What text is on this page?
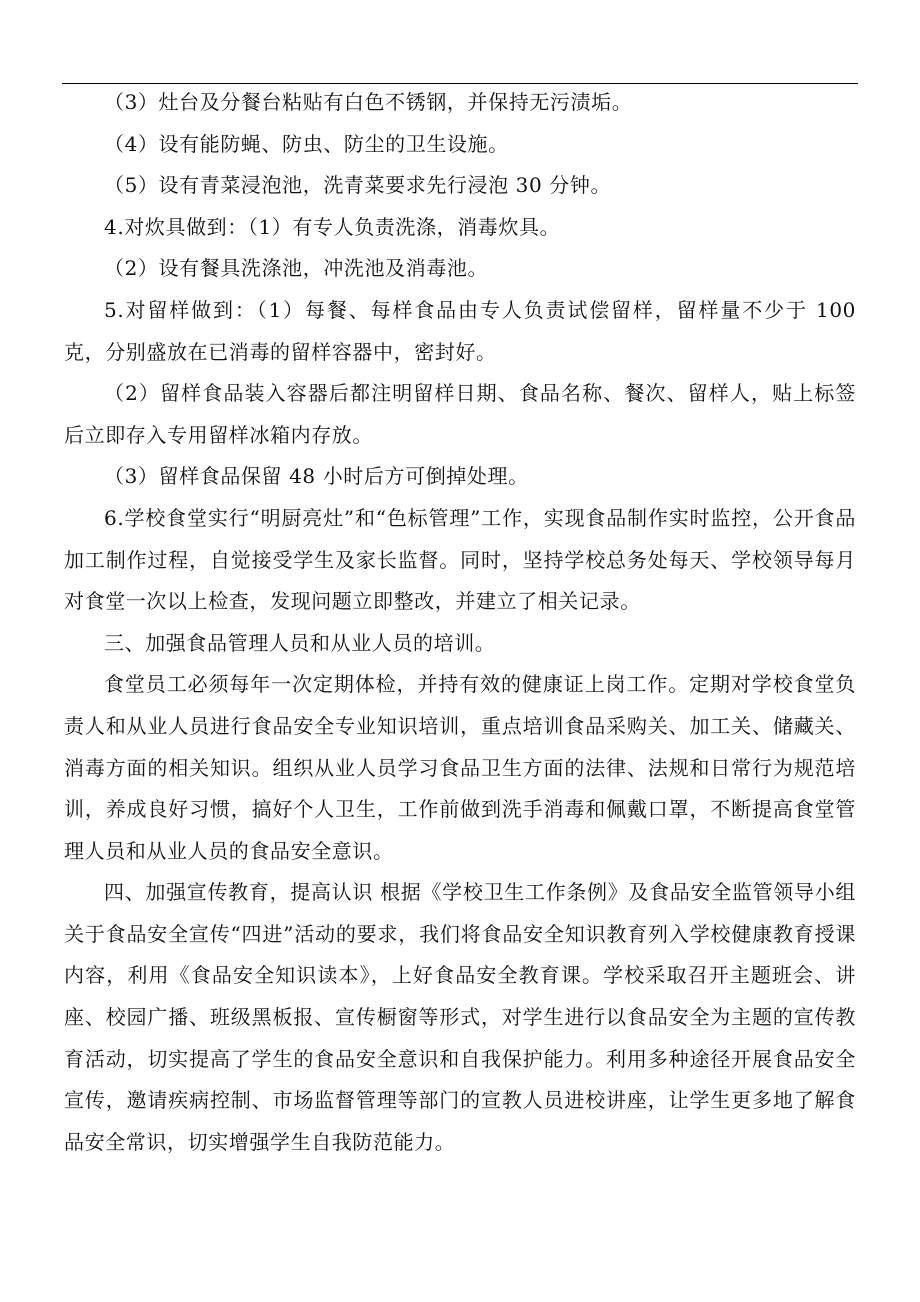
（3）灶台及分餐台粘贴有白色不锈钢，并保持无污渍垢。

（4）设有能防蝇、防虫、防尘的卫生设施。

（5）设有青菜浸泡池，洗青菜要求先行浸泡 30 分钟。

4.对炊具做到：（1）有专人负责洗涤，消毒炊具。

（2）设有餐具洗涤池，冲洗池及消毒池。

5.对留样做到：（1）每餐、每样食品由专人负责试偿留样，留样量不少于 100 克，分别盛放在已消毒的留样容器中，密封好。

（2）留样食品装入容器后都注明留样日期、食品名称、餐次、留样人，贴上标签后立即存入专用留样冰箱内存放。

（3）留样食品保留 48 小时后方可倒掉处理。

6.学校食堂实行“明厨亮灶”和“色标管理”工作，实现食品制作实时监控，公开食品加工制作过程，自觉接受学生及家长监督。同时，坚持学校总务处每天、学校领导每月对食堂一次以上检查，发现问题立即整改，并建立了相关记录。

三、加强食品管理人员和从业人员的培训。

食堂员工必须每年一次定期体检，并持有效的健康证上岗工作。定期对学校食堂负责人和从业人员进行食品安全专业知识培训，重点培训食品采购关、加工关、储藏关、消毒方面的相关知识。组织从业人员学习食品卫生方面的法律、法规和日常行为规范培训，养成良好习惯，搞好个人卫生，工作前做到洗手消毒和佩戴口罩，不断提高食堂管理人员和从业人员的食品安全意识。

四、加强宣传教育，提高认识 根据《学校卫生工作条例》及食品安全监管领导小组关于食品安全宣传“四进”活动的要求，我们将食品安全知识教育列入学校健康教育授课内容，利用《食品安全知识读本》，上好食品安全教育课。学校采取召开主题班会、讲座、校园广播、班级黑板报、宣传橱窗等形式，对学生进行以食品安全为主题的宣传教育活动，切实提高了学生的食品安全意识和自我保护能力。利用多种途径开展食品安全宣传，邀请疾病控制、市场监督管理等部门的宣教人员进校讲座，让学生更多地了解食品安全常识，切实增强学生自我防范能力。
